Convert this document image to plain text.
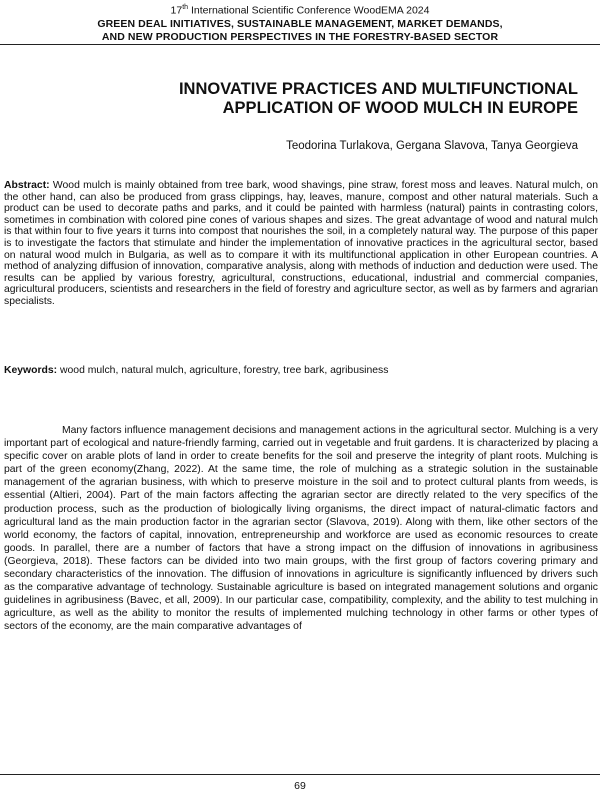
17th International Scientific Conference WoodEMA 2024
GREEN DEAL INITIATIVES, SUSTAINABLE MANAGEMENT, MARKET DEMANDS,
AND NEW PRODUCTION PERSPECTIVES IN THE FORESTRY-BASED SECTOR
INNOVATIVE PRACTICES AND MULTIFUNCTIONAL
APPLICATION OF WOOD MULCH IN EUROPE
Teodorina Turlakova, Gergana Slavova, Tanya Georgieva
Abstract: Wood mulch is mainly obtained from tree bark, wood shavings, pine straw, forest moss and leaves. Natural mulch, on the other hand, can also be produced from grass clippings, hay, leaves, manure, compost and other natural materials. Such a product can be used to decorate paths and parks, and it could be painted with harmless (natural) paints in contrasting colors, sometimes in combination with colored pine cones of various shapes and sizes. The great advantage of wood and natural mulch is that within four to five years it turns into compost that nourishes the soil, in a completely natural way. The purpose of this paper is to investigate the factors that stimulate and hinder the implementation of innovative practices in the agricultural sector, based on natural wood mulch in Bulgaria, as well as to compare it with its multifunctional application in other European countries. A method of analyzing diffusion of innovation, comparative analysis, along with methods of induction and deduction were used. The results can be applied by various forestry, agricultural, constructions, educational, industrial and commercial companies, agricultural producers, scientists and researchers in the field of forestry and agriculture sector, as well as by farmers and agrarian specialists.
Keywords: wood mulch, natural mulch, agriculture, forestry, tree bark, agribusiness

Many factors influence management decisions and management actions in the agricultural sector. Mulching is a very important part of ecological and nature-friendly farming, carried out in vegetable and fruit gardens. It is characterized by placing a specific cover on arable plots of land in order to create benefits for the soil and preserve the integrity of plant roots. Mulching is part of the green economy(Zhang, 2022). At the same time, the role of mulching as a strategic solution in the sustainable management of the agrarian business, with which to preserve moisture in the soil and to protect cultural plants from weeds, is essential (Altieri, 2004). Part of the main factors affecting the agrarian sector are directly related to the very specifics of the production process, such as the production of biologically living organisms, the direct impact of natural-climatic factors and agricultural land as the main production factor in the agrarian sector (Slavova, 2019). Along with them, like other sectors of the world economy, the factors of capital, innovation, entrepreneurship and workforce are used as economic resources to create goods. In parallel, there are a number of factors that have a strong impact on the diffusion of innovations in agribusiness (Georgieva, 2018). These factors can be divided into two main groups, with the first group of factors covering primary and secondary characteristics of the innovation. The diffusion of innovations in agriculture is significantly influenced by drivers such as the comparative advantage of technology. Sustainable agriculture is based on integrated management solutions and organic guidelines in agribusiness (Bavec, et all, 2009). In our particular case, compatibility, complexity, and the ability to test mulching in agriculture, as well as the ability to monitor the results of implemented mulching technology in other farms or other types of sectors of the economy, are the main comparative advantages of

69
